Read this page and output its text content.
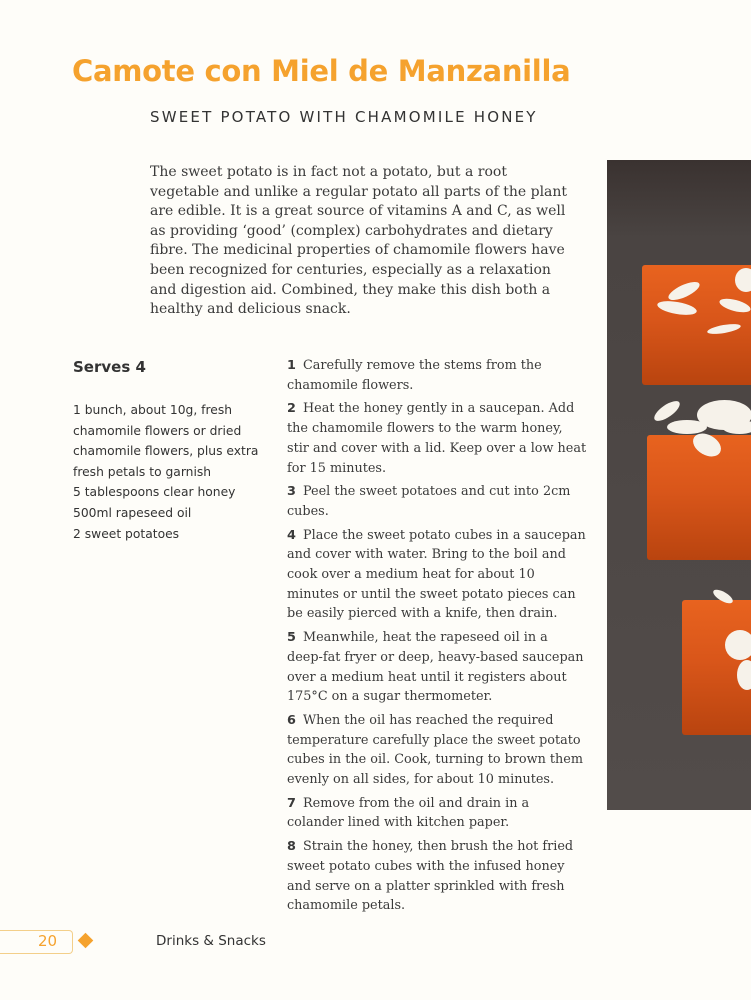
Camote con Miel de Manzanilla
SWEET POTATO WITH CHAMOMILE HONEY

The sweet potato is in fact not a potato, but a root vegetable and unlike a regular potato all parts of the plant are edible. It is a great source of vitamins A and C, as well as providing ‘good’ (complex) carbohydrates and dietary fibre. The medicinal properties of chamomile flowers have been recognized for centuries, especially as a relaxation and digestion aid. Combined, they make this dish both a healthy and delicious snack.

Serves 4
1 bunch, about 10g, fresh chamomile flowers or dried chamomile flowers, plus extra fresh petals to garnish
5 tablespoons clear honey
500ml rapeseed oil
2 sweet potatoes
1 Carefully remove the stems from the chamomile flowers.
2 Heat the honey gently in a saucepan. Add the chamomile flowers to the warm honey, stir and cover with a lid. Keep over a low heat for 15 minutes.
3 Peel the sweet potatoes and cut into 2cm cubes.
4 Place the sweet potato cubes in a saucepan and cover with water. Bring to the boil and cook over a medium heat for about 10 minutes or until the sweet potato pieces can be easily pierced with a knife, then drain.
5 Meanwhile, heat the rapeseed oil in a deep-fat fryer or deep, heavy-based saucepan over a medium heat until it registers about 175°C on a sugar thermometer.
6 When the oil has reached the required temperature carefully place the sweet potato cubes in the oil. Cook, turning to brown them evenly on all sides, for about 10 minutes.
7 Remove from the oil and drain in a colander lined with kitchen paper.
8 Strain the honey, then brush the hot fried sweet potato cubes with the infused honey and serve on a platter sprinkled with fresh chamomile petals.
20	Drinks & Snacks
